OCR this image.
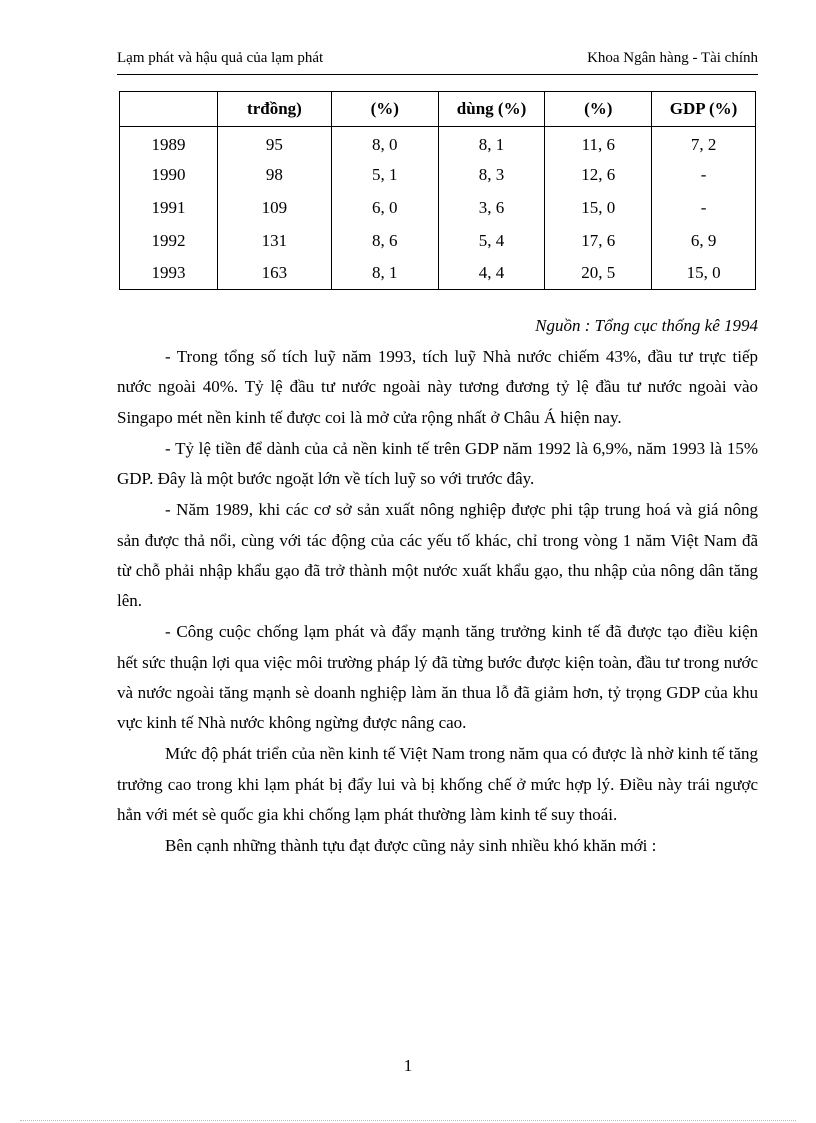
Lạm phát và hậu quả của lạm phát	Khoa Ngân hàng - Tài chính
	trđồng)	(%)	dùng (%)	(%)	GDP (%)
1989	95	8, 0	8, 1	11, 6	7, 2
1990	98	5, 1	8, 3	12, 6	-
1991	109	6, 0	3, 6	15, 0	-
1992	131	8, 6	5, 4	17, 6	6, 9
1993	163	8, 1	4, 4	20, 5	15, 0
Nguồn : Tổng cục thống kê 1994

- Trong tổng số tích luỹ năm 1993, tích luỹ Nhà nước chiếm 43%, đầu tư trực tiếp nước ngoài 40%. Tỷ lệ đầu tư nước ngoài này tương đương tỷ lệ đầu tư nước ngoài vào Singapo mét nền kinh tế được coi là mở cửa rộng nhất ở Châu Á hiện nay.

- Tỷ lệ tiền để dành của cả nền kinh tế trên GDP năm 1992 là 6,9%, năm 1993 là 15% GDP. Đây là một bước ngoặt lớn về tích luỹ so với trước đây.

- Năm 1989, khi các cơ sở sản xuất nông nghiệp được phi tập trung hoá và giá nông sản được thả nổi, cùng với tác động của các yếu tố khác, chỉ trong vòng 1 năm Việt Nam đã từ chỗ phải nhập khẩu gạo đã trở thành một nước xuất khẩu gạo, thu nhập của nông dân tăng lên.

- Công cuộc chống lạm phát và đẩy mạnh tăng trưởng kinh tế đã được tạo điều kiện hết sức thuận lợi qua việc môi trường pháp lý đã từng bước được kiện toàn, đầu tư trong nước và nước ngoài tăng mạnh sè doanh nghiệp làm ăn thua lỗ đã giảm hơn, tỷ trọng GDP của khu vực kinh tế Nhà nước không ngừng được nâng cao.

Mức độ phát triển của nền kinh tế Việt Nam trong năm qua có được là nhờ kinh tế tăng trưởng cao trong khi lạm phát bị đẩy lui và bị khống chế ở mức hợp lý. Điều này trái ngược hẳn với mét sè quốc gia khi chống lạm phát thường làm kinh tế suy thoái.

Bên cạnh những thành tựu đạt được cũng nảy sinh nhiều khó khăn mới :

1
